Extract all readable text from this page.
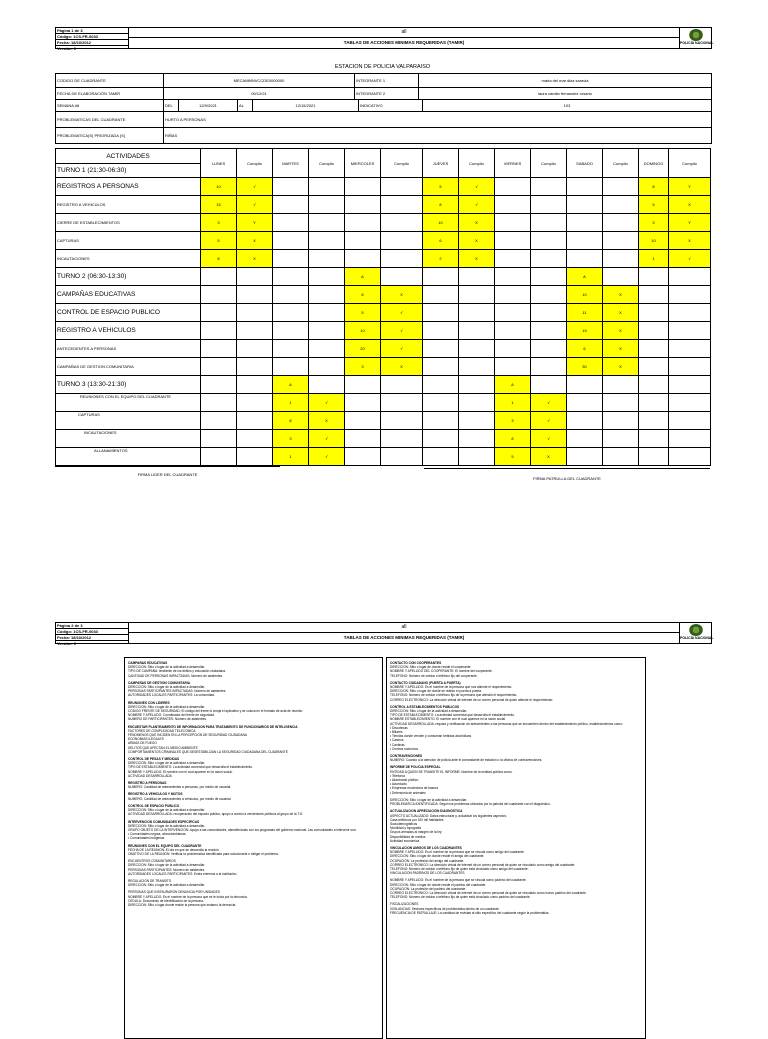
Página 1 de 3
Código: 1CS-FR-0033
Fecha: 18/10/2012
Versión: 0
all
TABLAS DE ACCIONES MINIMAS REQUERIDAS (TAMIR)	POLICÍA NACIONAL
ESTACION DE POLICIA VALPARAISO
CODIGO DE CUADRANTE	MECAMMNVCCDE0000000	INTEGRANTE 1	maria del mar diaz saravia
FECHA DE ELABORACIÓN TAMIR	09/12/21	INTEGRANTE 2	laura camila fernandez rosario
SEMANA #8	DEL	12/9/2021	AL	12/15/2021	INDICATIVO	103
PROBLEMATICAS DEL CUADRANTE	HURTO A PERSONAS
PROBLEMATICA(S) PRIORIZADA (S)	RIÑAS
ACTIVIDADES	LUNES	Cumplio	MARTES	Cumplio	MIERCOLES	Cumplio	JUEVES	Cumplio	VIERNES	Cumplio	SABADO	Cumplio	DOMINGO	Cumplio
TURNO 1 (21:30-06:30)														
REGISTROS A PERSONAS	10	√					5	√					8	Y
REGISTRO A VEHICULOS	15	√					8	√					5	X
CIERRE DE ESTABLECIMIENTOS	3	Y					10	X					3	Y
CAPTURAS	5	X					6	X					10	X
INCAUTACIONES	8	X					2	X					1	√
TURNO 2 (06:30-13:30)					A						A			
CAMPAÑAS EDUCATIVAS					8	X					10	X		
CONTROL DE ESPACIO PUBLICO					5	√					11	X		
REGISTRO A VEHICULOS					10	√					15	X		
ANTECEDENTES A PERSONAS					20	√					6	X		
CAMPAÑAS DE GESTION COMUNITARIA					3	X					30	X		
TURNO 3 (13:30-21:30)			A						A					
REUNIONES CON EL EQUIPO DEL CUADRANTE			1	√					1	√				
CAPTURAS			8	X					3	√				
INCAUTACIONES			3	√					8	√				
ALLANAMIENTOS			1	√					5	X				
FIRMA LIDER DEL CUADRANTE
FIRMA PATRULLA DEL CUADRANTE
Página 2 de 3
Código: 1CS-FR-0033
Fecha: 18/10/2012
Versión: 0
all
TABLAS DE ACCIONES MINIMAS REQUERIDAS (TAMIR)	POLICÍA NACIONAL
CAMPAÑAS EDUCATIVAS
DIRECCION: Sitio o lugar de la actividad a desarrollar.
TIPO DE CAMPAÑA: tendiente de los delitos y educación ciudadana.
CANTIDAD DE PERSONAS IMPACTADAS: Número de asistentes.
CAMPAÑAS DE GESTION COMUNITARIA
DIRECCION: Sitio o lugar de la actividad a desarrollar.
PERSONAS PARTICIPANTES IMPACTADAS: Número de asistentes.
AUTORIDADES LOCALES PARTICIPANTES: La comunidad.
REUNIONES CON LIDERES
DIRECCION: Sitio o lugar de la actividad a desarrollar.
CODIGO FRENTE DE SEGURIDAD: El código del frente lo arroja el aplicativo y se coloca en el formato de acta de reunión.
NOMBRE Y APELLIDO: Coordinador del frente de seguridad.
NUMERO DE PARTICIPANTES: Número de asistentes.
ENCUESTAR PLANTEAMIENTO DE INFORMACION PARA TRATAMIENTO DE FUNCIONARIOS DE INTELIGENCIA
FACTORES DE COMPLEJIDAD TELECÓMICA
FENOMENOS QUE INCIDEN EN LA PERCEPCION DE SEGURIDAD CIUDADANA
ECONOMIAS ILEGALES
ARMAS DE FUEGO
DELITOS QUE AFECTAN EL MEDIO AMBIENTE
COMPORTAMIENTOS CRIMINALES QUE DESESTABILIZAN LA SEGURIDAD CIUDADANA DEL CUADRANTE
CONTROL DE PESAS Y MEDIDAS
DIRECCION: Sitio o lugar de la actividad a desarrollar.
TIPO DE ESTABLECIMIENTO: La actividad comercial que desarrolla el establecimiento.
NOMBRE Y APELLIDO: El nombre con el cual aparece en la razón social.
ACTIVIDAD DESARROLLADA
REGISTRO A PERSONAS
NUMERO: Cantidad de antecedentes a personas, por medio de usuarial.
REGISTRO A VEHICULOS Y MOTOS
NUMERO: Cantidad de antecedentes a vehiculos, por medio de usuarial.
CONTROL DE ESPACIO PUBLICO
DIRECCION: Sitio o lugar de la actividad a desarrollar.
ACTIVIDAD DESARROLLADA: recuperación del espacio público, apoyo a control a vendedores públicos al grupo de la T.G.
INTERVENCION COMUNIDADES ESPECIFICAS
DIRECCION: Sitio o lugar de la actividad a desarrollar.
GRUPO OBJETO DE LA INTERVENCION: Apoyo a las comunidades, atendiéndolas con los programas del gobierno nacional. Las comunidades a intervenir son:
• Comunidades negras, afrocolombianas.
• Comunidades indígenas
REUNIONES CON EL EQUIPO DEL CUADRANTE
FECHA DE LA REUNION: El día en que se desarrolla la reunión.
OBJETIVO DE LA REUNION: Verificar la problemática identificada para solucionarla o mitigar el problema.
ENCUENTROS COMUNITARIOS
DIRECCION: Sitio o lugar de la actividad a desarrollar.
PERSONAS PARTICIPANTES: Número de asistentes.
AUTORIDADES LOCALES PARTICIPANTES: Entes externos a la institución.
REGULACION DE TRANSITO
DIRECCION: Sitio o lugar de la actividad a desarrollar.
PERSONAS QUE INSTAURARON DENUNCIA POR UNIDADES
NOMBRE Y APELLIDO: Es el nombre de la persona que se le inicia por la denuncia.
CEDULA: Documento de identificación de la persona.
DIRECCION: Sitio o lugar donde reside la persona que instauró la denuncia.
CONTACTO CON COOPERANTES
DIRECCION: Sitio o lugar de donde reside el cooperante.
NOMBRE Y APELLIDO DEL COOPERANTE: El nombre del cooperante.
TELEFONO: Número de celular o teléfono fijo del cooperante.
CONTACTO CIUDADANO (PUERTA A PUERTA)
NOMBRE Y APELLIDO: Es el nombre de la persona que nos atiende el requerimiento.
DIRECCION: Sitio o lugar de donde se realizo el puerta a puerta.
TELEFONO: Número de celular o teléfono fijo de la persona que atendió el requerimiento.
CORREO ELECTRONICO: La dirección virtual de internet de un correo personal de quien atiende el requerimiento.
CONTROL A ESTABLECIMIENTOS PUBLICOS
DIRECCION: Sitio o lugar de la actividad a desarrollar.
TIPO DE ESTABLECIMIENTO: La actividad comercial que desarrolla el establecimiento.
NOMBRE ESTABLECIMIENTO: El nombre con el cual aparece en la razón social.
ACTIVIDAD DESARROLLADA: requisa y verificación de antecedentes a las personas que se encuentren dentro del establecimiento público, establecimientos como:
• Discotecas
• Billares
• Tiendas donde venden y consuman bebidas alcohólicas
• Casinos
• Cantinas
• Centros nocturnos
CONTRAVENCIONES
NUMERO: Cuando a la atención de policía ante el comandante de estación o la oficina de contravenciones.
INFORME DE POLICIA ESPECIAL
ENTIDAD A QUIEN SE TRANSITE EL INFORME: Nombre de la entidad pública como:
• Telefonía
• Alumbrado público
• Acueducto
• Empresas recolectora de basura
• Defensoría de animales
DIRECCION: Sitio o lugar de la actividad a desarrollar.
PROBLEMATICA IDENTIFICADA: Según los problemas ubicados por la patrulla del cuadrante con el diagnóstico.
ACTUALIZACION APRECIACION DIAGNOSTICA
ASPECTO ACTUALIZADO: Datos estructurar y, actualizar los siguientes aspectos:
Casa teléfonos por 100 mil habitantes
Sociodemográficos
Movilidad y topografía
Grupos armados al margen de la ley
Disponibilidad de medios
Actividad económica
VINCULACION AMIGOS DE LOS CUADRANTES
NOMBRE Y APELLIDO: Es el nombre de la persona que se vincula como amigo del cuadrante.
DIRECCION: Sitio o lugar de donde reside el amigo del cuadrante.
OCUPACION: La profesión del amigo del cuadrante.
CORREO ELECTRONICO: La dirección virtual de internet de un correo personal de quien se vinculado como amigo del cuadrante.
TELEFONO: Número de celular o teléfono fijo de quien está vinculado como amigo del cuadrante.
VINCULACION PADRINOS DE LOS CUADRANTES
NOMBRE Y APELLIDO: Es el nombre de la persona que se vincula como padrino del cuadrante.
DIRECCION: Sitio o lugar de donde reside el padrino del cuadrante.
OCUPACION: La profesión del padrino del cuadrante.
CORREO ELECTRONICO: La dirección virtual de internet de un correo personal de quien se vinculado como nuevo padrino del cuadrante.
TELEFONO: Número de celular o teléfono fijo de quien está vinculado como padrino del cuadrante.
FISCALIZACIONES
VIGILANCIAS: Sectores específicos de problemática dentro de un cuadrante.
FRECUENCIA DE PATRULLAJE: La cantidad de revistas al sitio específico del cuadrante según la problemática.
